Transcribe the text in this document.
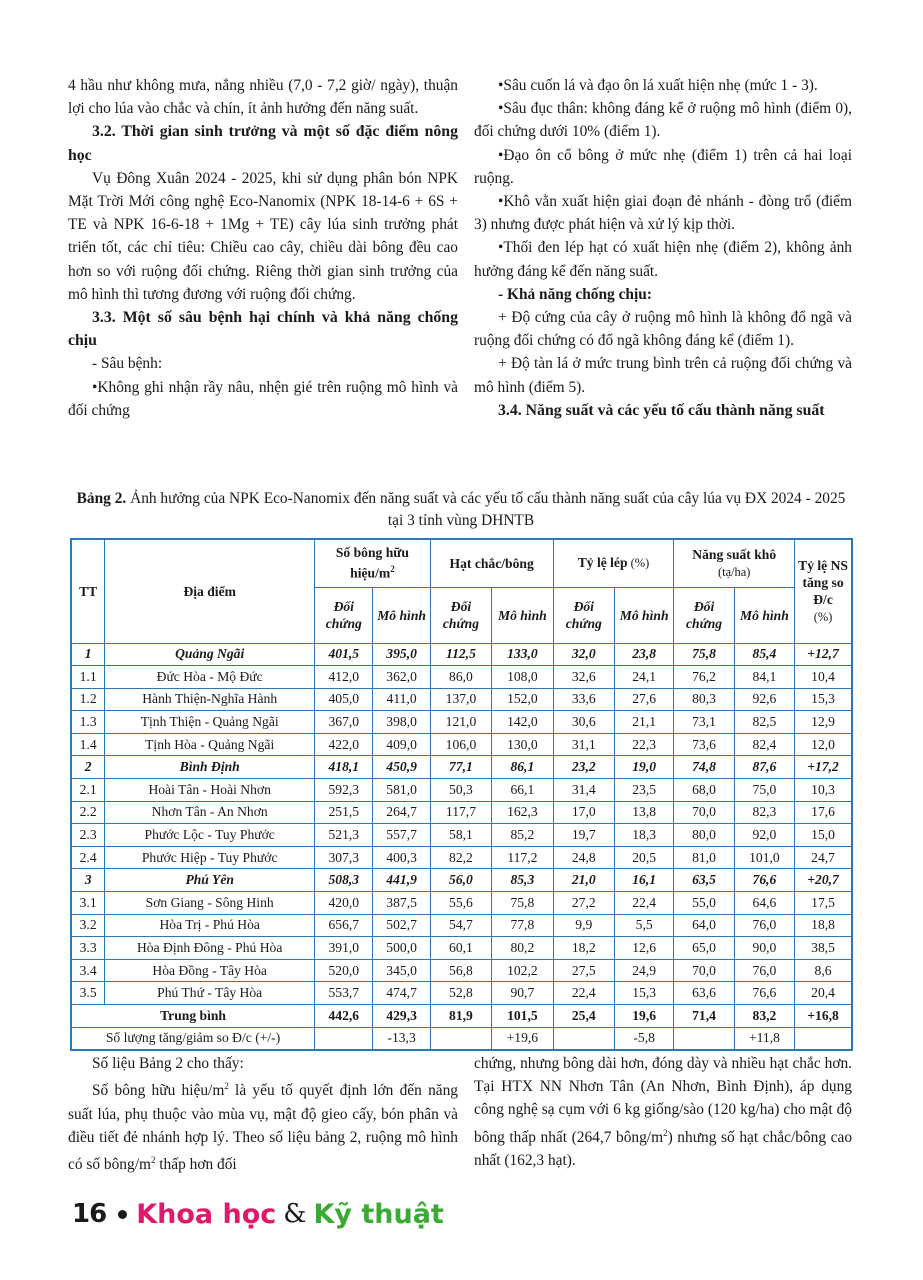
4 hầu như không mưa, nắng nhiều (7,0 - 7,2 giờ/ ngày), thuận lợi cho lúa vào chắc và chín, ít ảnh hưởng đến năng suất.

3.2. Thời gian sinh trưởng và một số đặc điểm nông học

Vụ Đông Xuân 2024 - 2025, khi sử dụng phân bón NPK Mặt Trời Mới công nghệ Eco-Nanomix (NPK 18-14-6 + 6S + TE và NPK 16-6-18 + 1Mg + TE) cây lúa sinh trưởng phát triển tốt, các chỉ tiêu: Chiều cao cây, chiều dài bông đều cao hơn so với ruộng đối chứng. Riêng thời gian sinh trưởng của mô hình thì tương đương với ruộng đối chứng.

3.3. Một số sâu bệnh hại chính và khả năng chống chịu

- Sâu bệnh:

•Không ghi nhận rầy nâu, nhện gié trên ruộng mô hình và đối chứng

•Sâu cuốn lá và đạo ôn lá xuất hiện nhẹ (mức 1 - 3).

•Sâu đục thân: không đáng kể ở ruộng mô hình (điểm 0), đối chứng dưới 10% (điểm 1).

•Đạo ôn cổ bông ở mức nhẹ (điểm 1) trên cả hai loại ruộng.

•Khô vằn xuất hiện giai đoạn đẻ nhánh - đòng trổ (điểm 3) nhưng được phát hiện và xử lý kịp thời.

•Thối đen lép hạt có xuất hiện nhẹ (điểm 2), không ảnh hưởng đáng kể đến năng suất.

- Khả năng chống chịu:

+ Độ cứng của cây ở ruộng mô hình là không đổ ngã và ruộng đối chứng có đổ ngã không đáng kể (điểm 1).

+ Độ tàn lá ở mức trung bình trên cả ruộng đối chứng và mô hình (điểm 5).

3.4. Năng suất và các yếu tố cấu thành năng suất

Bảng 2. Ảnh hưởng của NPK Eco-Nanomix đến năng suất và các yếu tố cấu thành năng suất của cây lúa vụ ĐX 2024 - 2025 tại 3 tỉnh vùng DHNTB
TT	Địa điểm	Số bông hữu hiệu/$m^2$		Hạt chắc/bông		Tỷ lệ lép (%)		Năng suất khô
(tạ/ha)		Tỷ lệ NS tăng so Đ/c
(%)
		Đối chứng	Mô hình	Đối chứng	Mô hình	Đối chứng	Mô hình	Đối chứng	Mô hình	
1	Quảng Ngãi	401,5	395,0	112,5	133,0	32,0	23,8	75,8	85,4	+12,7
1.1	Đức Hòa - Mộ Đức	412,0	362,0	86,0	108,0	32,6	24,1	76,2	84,1	10,4
1.2	Hành Thiện-Nghĩa Hành	405,0	411,0	137,0	152,0	33,6	27,6	80,3	92,6	15,3
1.3	Tịnh Thiện - Quảng Ngãi	367,0	398,0	121,0	142,0	30,6	21,1	73,1	82,5	12,9
1.4	Tịnh Hòa - Quảng Ngãi	422,0	409,0	106,0	130,0	31,1	22,3	73,6	82,4	12,0
2	Bình Định	418,1	450,9	77,1	86,1	23,2	19,0	74,8	87,6	+17,2
2.1	Hoài Tân - Hoài Nhơn	592,3	581,0	50,3	66,1	31,4	23,5	68,0	75,0	10,3
2.2	Nhơn Tân - An Nhơn	251,5	264,7	117,7	162,3	17,0	13,8	70,0	82,3	17,6
2.3	Phước Lộc - Tuy Phước	521,3	557,7	58,1	85,2	19,7	18,3	80,0	92,0	15,0
2.4	Phước Hiệp - Tuy Phước	307,3	400,3	82,2	117,2	24,8	20,5	81,0	101,0	24,7
3	Phú Yên	508,3	441,9	56,0	85,3	21,0	16,1	63,5	76,6	+20,7
3.1	Sơn Giang - Sông Hinh	420,0	387,5	55,6	75,8	27,2	22,4	55,0	64,6	17,5
3.2	Hòa Trị - Phú Hòa	656,7	502,7	54,7	77,8	9,9	5,5	64,0	76,0	18,8
3.3	Hòa Định Đông - Phú Hòa	391,0	500,0	60,1	80,2	18,2	12,6	65,0	90,0	38,5
3.4	Hòa Đồng - Tây Hòa	520,0	345,0	56,8	102,2	27,5	24,9	70,0	76,0	8,6
3.5	Phú Thứ - Tây Hòa	553,7	474,7	52,8	90,7	22,4	15,3	63,6	76,6	20,4
Trung bình		442,6	429,3	81,9	101,5	25,4	19,6	71,4	83,2	+16,8
Số lượng tăng/giảm so Đ/c (+/-)			-13,3		+19,6		-5,8		+11,8	

Số liệu Bảng 2 cho thấy:

Số bông hữu hiệu/$m^2$ là yếu tố quyết định lớn đến năng suất lúa, phụ thuộc vào mùa vụ, mật độ gieo cấy, bón phân và điều tiết đẻ nhánh hợp lý. Theo số liệu bảng 2, ruộng mô hình có số bông/$m^2$ thấp hơn đối

chứng, nhưng bông dài hơn, đóng dày và nhiều hạt chắc hơn. Tại HTX NN Nhơn Tân (An Nhơn, Bình Định), áp dụng công nghệ sạ cụm với 6 kg giống/sào (120 kg/ha) cho mật độ bông thấp nhất (264,7 bông/$m^2$) nhưng số hạt chắc/bông cao nhất (162,3 hạt).

16 Khoa học & Kỹ thuật
